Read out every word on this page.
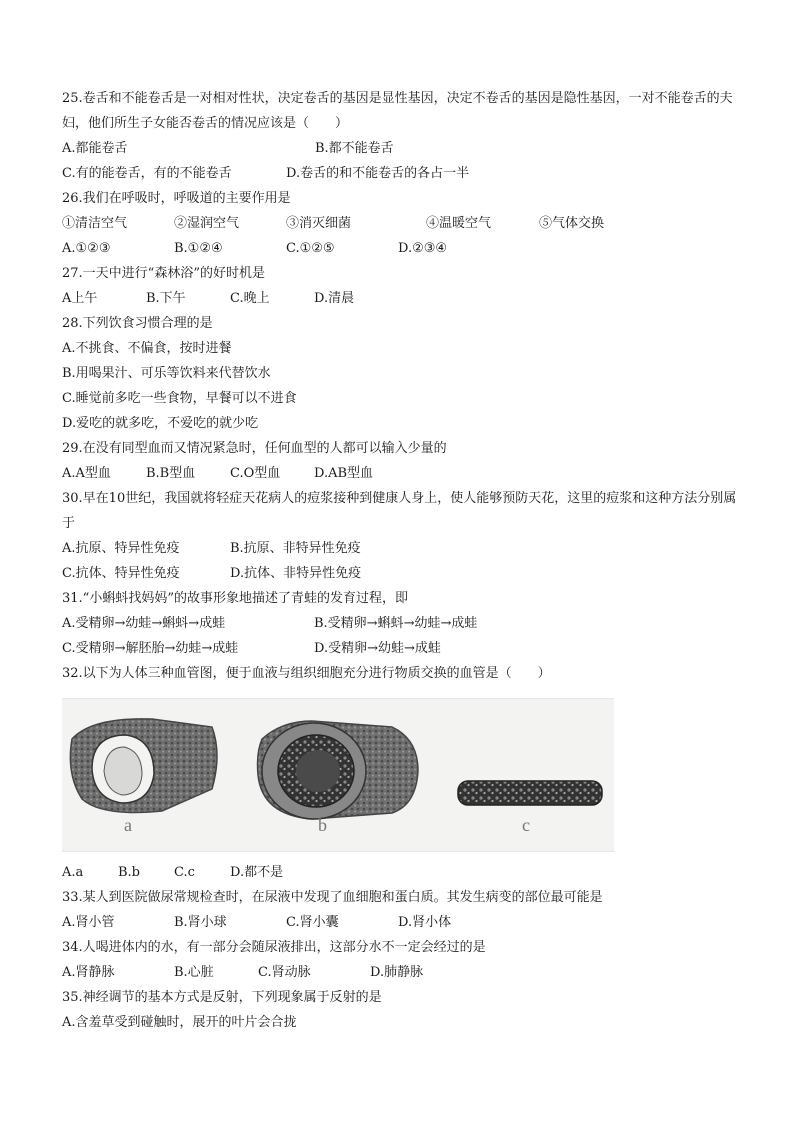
25.卷舌和不能卷舌是一对相对性状，决定卷舌的基因是显性基因，决定不卷舌的基因是隐性基因，一对不能卷舌的夫妇，他们所生子女能否卷舌的情况应该是（　　）
A.都能卷舌	B.都不能卷舌
C.有的能卷舌，有的不能卷舌	D.卷舌的和不能卷舌的各占一半
26.我们在呼吸时，呼吸道的主要作用是
①清洁空气	②湿润空气	③消灭细菌	④温暖空气	⑤气体交换
A.①②③	B.①②④	C.①②⑤	D.②③④
27.一天中进行“森林浴”的好时机是
A上午	B.下午	C.晚上	D.清晨
28.下列饮食习惯合理的是
A.不挑食、不偏食，按时进餐
B.用喝果汁、可乐等饮料来代替饮水
C.睡觉前多吃一些食物，早餐可以不进食
D.爱吃的就多吃，不爱吃的就少吃
29.在没有同型血而又情况紧急时，任何血型的人都可以输入少量的
A.A型血	B.B型血	C.O型血	D.AB型血
30.早在10世纪，我国就将轻症天花病人的痘浆接种到健康人身上，使人能够预防天花，这里的痘浆和这种方法分别属于
A.抗原、特异性免疫	B.抗原、非特异性免疫
C.抗体、特异性免疫	D.抗体、非特异性免疫
31.“小蝌蚪找妈妈”的故事形象地描述了青蛙的发育过程，即
A.受精卵→幼蛙→蝌蚪→成蛙	B.受精卵→蝌蚪→幼蛙→成蛙
C.受精卵→解胚胎→幼蛙→成蛙	D.受精卵→幼蛙→成蛙
32.以下为人体三种血管图，便于血液与组织细胞充分进行物质交换的血管是（　　）
a	b	c
A.a	B.b	C.c	D.都不是
33.某人到医院做尿常规检查时，在尿液中发现了血细胞和蛋白质。其发生病变的部位最可能是
A.肾小管	B.肾小球	C.肾小囊	D.肾小体
34.人喝进体内的水，有一部分会随尿液排出，这部分水不一定会经过的是
A.肾静脉	B.心脏	C.肾动脉	D.肺静脉
35.神经调节的基本方式是反射，下列现象属于反射的是
A.含羞草受到碰触时，展开的叶片会合拢
